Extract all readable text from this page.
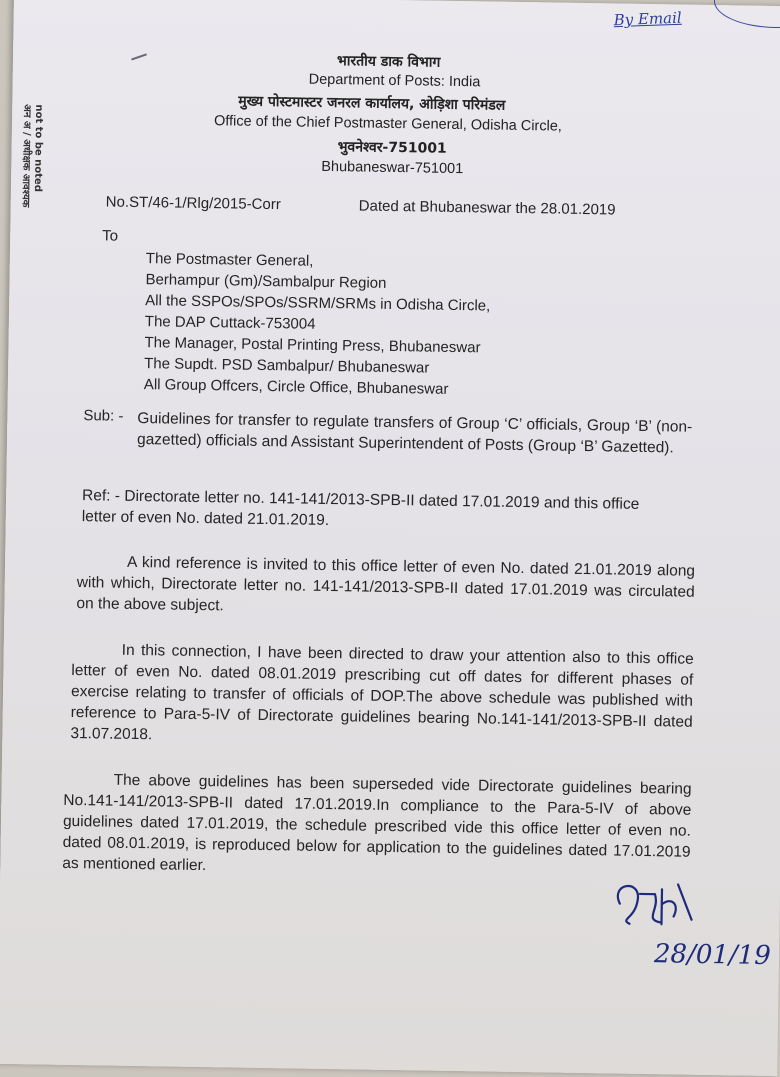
By Email
not to be noted
अन अ / अधीक्षक आवश्यक
भारतीय डाक विभाग
Department of Posts: India
मुख्य पोस्टमास्टर जनरल कार्यालय, ओड़िशा परिमंडल
Office of the Chief Postmaster General, Odisha Circle,
भुवनेश्वर-751001
Bhubaneswar-751001
No.ST/46-1/Rlg/2015-Corr	Dated at Bhubaneswar the 28.01.2019
To
The Postmaster General,
Berhampur (Gm)/Sambalpur Region
All the SSPOs/SPOs/SSRM/SRMs in Odisha Circle,
The DAP Cuttack-753004
The Manager, Postal Printing Press, Bhubaneswar
The Supdt. PSD Sambalpur/ Bhubaneswar
All Group Offcers, Circle Office, Bhubaneswar
Sub: - Guidelines for transfer to regulate transfers of Group ‘C’ officials, Group ‘B’ (non-gazetted) officials and Assistant Superintendent of Posts (Group ‘B’ Gazetted).
Ref: - Directorate letter no. 141-141/2013-SPB-II dated 17.01.2019 and this office letter of even No. dated 21.01.2019.
A kind reference is invited to this office letter of even No. dated 21.01.2019 along with which, Directorate letter no. 141-141/2013-SPB-II dated 17.01.2019 was circulated on the above subject.
In this connection, I have been directed to draw your attention also to this office letter of even No. dated 08.01.2019 prescribing cut off dates for different phases of exercise relating to transfer of officials of DOP.The above schedule was published with reference to Para-5-IV of Directorate guidelines bearing No.141-141/2013-SPB-II dated 31.07.2018.
The above guidelines has been superseded vide Directorate guidelines bearing No.141-141/2013-SPB-II dated 17.01.2019.In compliance to the Para-5-IV of above guidelines dated 17.01.2019, the schedule prescribed vide this office letter of even no. dated 08.01.2019, is reproduced below for application to the guidelines dated 17.01.2019 as mentioned earlier.
28/01/19
